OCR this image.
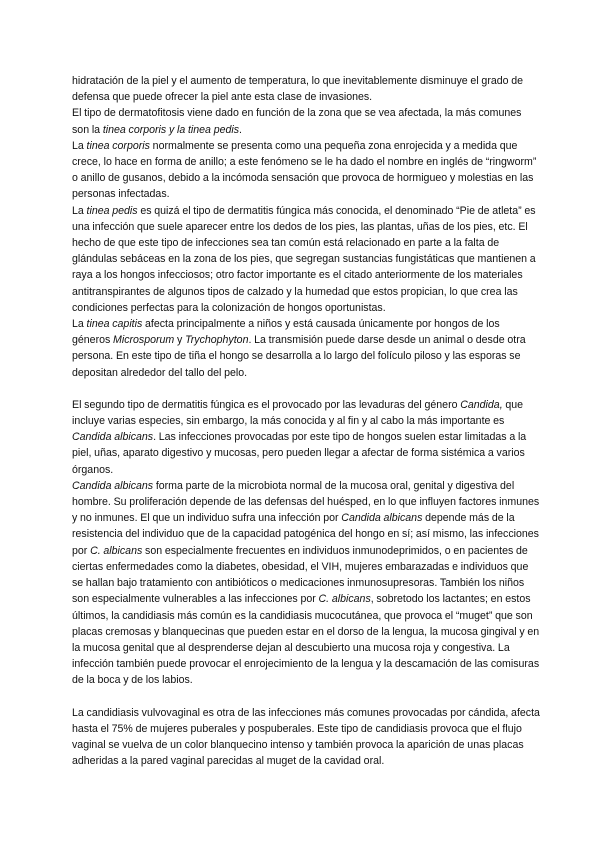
hidratación de la piel y el aumento de temperatura, lo que inevitablemente disminuye el grado de defensa que puede ofrecer la piel ante esta clase de invasiones.

El tipo de dermatofitosis viene dado en función de la zona que se vea afectada, la más comunes son la tinea corporis y la tinea pedis.

La tinea corporis normalmente se presenta como una pequeña zona enrojecida y a medida que crece, lo hace en forma de anillo; a este fenómeno se le ha dado el nombre en inglés de “ringworm” o anillo de gusanos, debido a la incómoda sensación que provoca de hormigueo y molestias en las personas infectadas.

La tinea pedis es quizá el tipo de dermatitis fúngica más conocida, el denominado “Pie de atleta” es una infección que suele aparecer entre los dedos de los pies, las plantas, uñas de los pies, etc. El hecho de que este tipo de infecciones sea tan común está relacionado en parte a la falta de glándulas sebáceas en la zona de los pies, que segregan sustancias fungistáticas que mantienen a raya a los hongos infecciosos; otro factor importante es el citado anteriormente de los materiales antitranspirantes de algunos tipos de calzado y la humedad que estos propician, lo que crea las condiciones perfectas para la colonización de hongos oportunistas.

La tinea capitis afecta principalmente a niños y está causada únicamente por hongos de los géneros Microsporum y Trychophyton. La transmisión puede darse desde un animal o desde otra persona. En este tipo de tiña el hongo se desarrolla a lo largo del folículo piloso y las esporas se depositan alrededor del tallo del pelo.

El segundo tipo de dermatitis fúngica es el provocado por las levaduras del género Candida, que incluye varias especies, sin embargo, la más conocida y al fin y al cabo la más importante es Candida albicans. Las infecciones provocadas por este tipo de hongos suelen estar limitadas a la piel, uñas, aparato digestivo y mucosas, pero pueden llegar a afectar de forma sistémica a varios órganos.

Candida albicans forma parte de la microbiota normal de la mucosa oral, genital y digestiva del hombre. Su proliferación depende de las defensas del huésped, en lo que influyen factores inmunes y no inmunes. El que un individuo sufra una infección por Candida albicans depende más de la resistencia del individuo que de la capacidad patogénica del hongo en sí; así mismo, las infecciones por C. albicans son especialmente frecuentes en individuos inmunodeprimidos, o en pacientes de ciertas enfermedades como la diabetes, obesidad, el VIH, mujeres embarazadas e individuos que se hallan bajo tratamiento con antibióticos o medicaciones inmunosupresoras. También los niños son especialmente vulnerables a las infecciones por C. albicans, sobretodo los lactantes; en estos últimos, la candidiasis más común es la candidiasis mucocutánea, que provoca el “muget” que son placas cremosas y blanquecinas que pueden estar en el dorso de la lengua, la mucosa gingival y en la mucosa genital que al desprenderse dejan al descubierto una mucosa roja y congestiva. La infección también puede provocar el enrojecimiento de la lengua y la descamación de las comisuras de la boca y de los labios.

La candidiasis vulvovaginal es otra de las infecciones más comunes provocadas por cándida, afecta hasta el 75% de mujeres puberales y pospuberales. Este tipo de candidiasis provoca que el flujo vaginal se vuelva de un color blanquecino intenso y también provoca la aparición de unas placas adheridas a la pared vaginal parecidas al muget de la cavidad oral.
